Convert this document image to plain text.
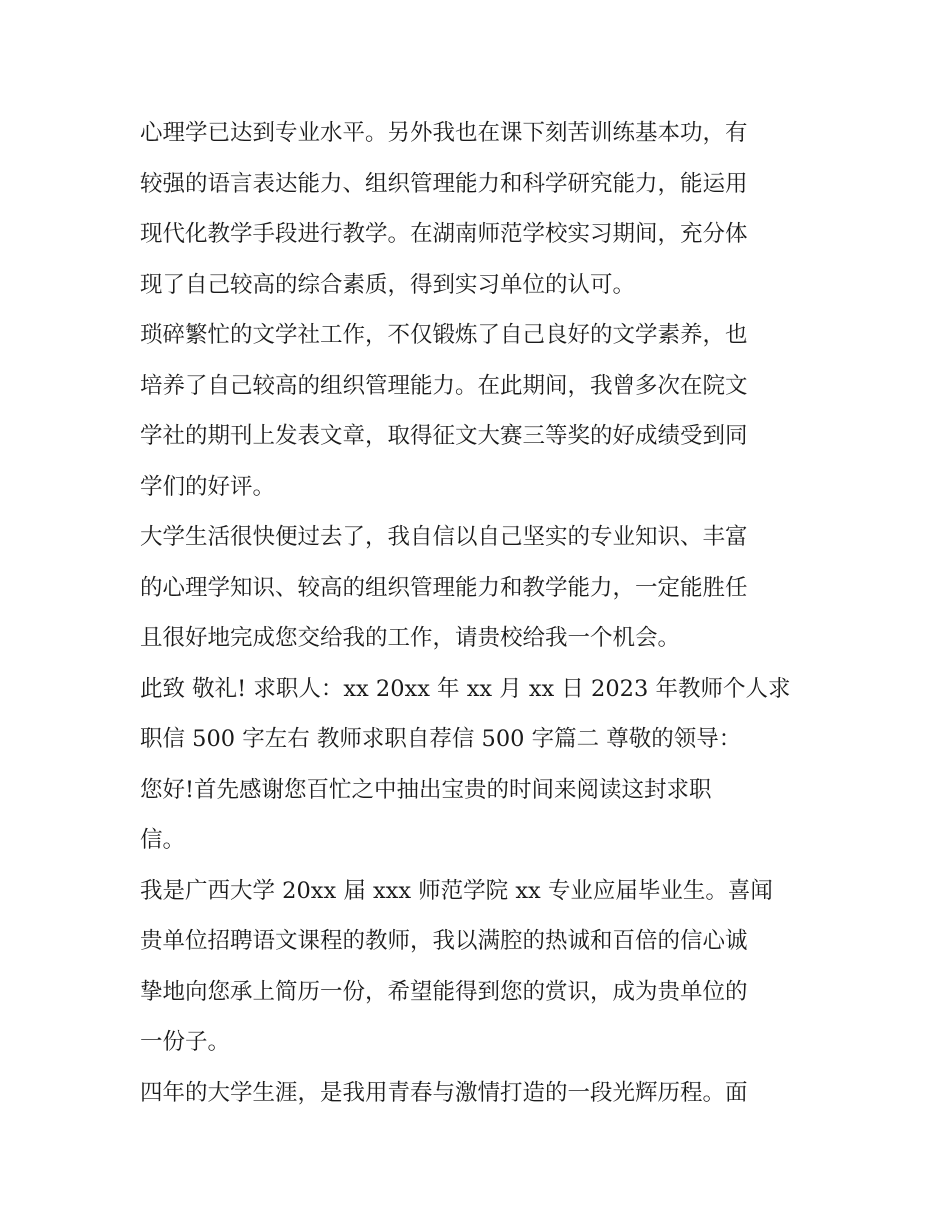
心理学已达到专业水平。另外我也在课下刻苦训练基本功，有
较强的语言表达能力、组织管理能力和科学研究能力，能运用
现代化教学手段进行教学。在湖南师范学校实习期间，充分体
现了自己较高的综合素质，得到实习单位的认可。

琐碎繁忙的文学社工作，不仅锻炼了自己良好的文学素养，也
培养了自己较高的组织管理能力。在此期间，我曾多次在院文
学社的期刊上发表文章，取得征文大赛三等奖的好成绩受到同
学们的好评。

大学生活很快便过去了，我自信以自己坚实的专业知识、丰富
的心理学知识、较高的组织管理能力和教学能力，一定能胜任
且很好地完成您交给我的工作，请贵校给我一个机会。

此致 敬礼! 求职人：xx 20xx 年 xx 月 xx 日 2023 年教师个人求
职信 500 字左右 教师求职自荐信 500 字篇二 尊敬的领导：

您好!首先感谢您百忙之中抽出宝贵的时间来阅读这封求职
信。

我是广西大学 20xx 届 xxx 师范学院 xx 专业应届毕业生。喜闻
贵单位招聘语文课程的教师，我以满腔的热诚和百倍的信心诚
挚地向您承上简历一份，希望能得到您的赏识，成为贵单位的
一份子。

四年的大学生涯，是我用青春与激情打造的一段光辉历程。面
